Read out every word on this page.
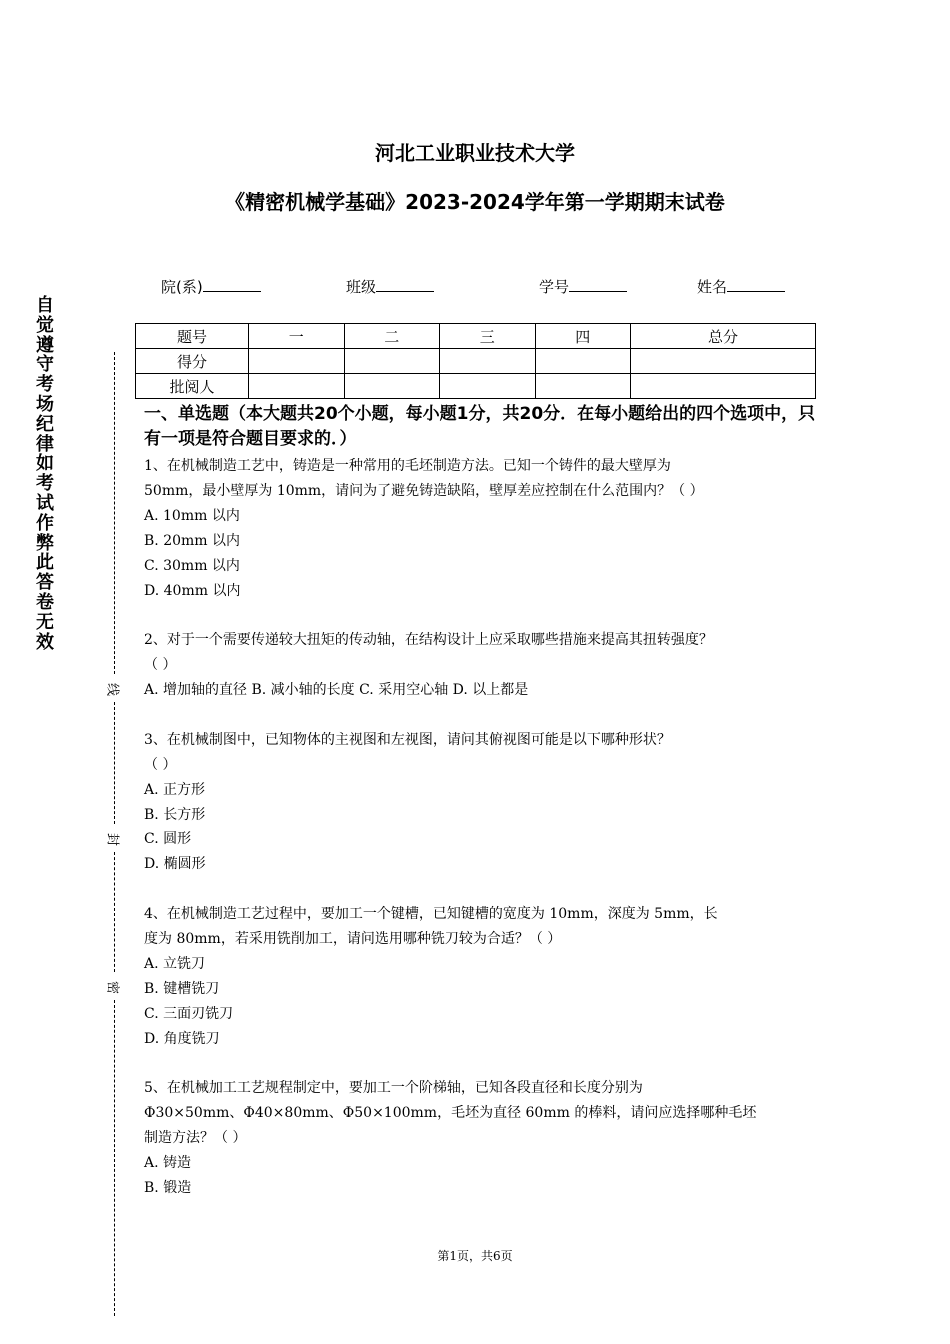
河北工业职业技术大学
《精密机械学基础》2023-2024学年第一学期期末试卷
院(系)	班级	学号	姓名
题号	一	二	三	四	总分
得分					
批阅人					
自
觉
遵
守
考
场
纪
律
如
考
试
作
弊
此
答
卷
无
效
线
封
密
一、单选题（本大题共20个小题，每小题1分，共20分．在每小题给出的四个选项中，只有一项是符合题目要求的．）
1、在机械制造工艺中，铸造是一种常用的毛坯制造方法。已知一个铸件的最大壁厚为
50mm，最小壁厚为 10mm，请问为了避免铸造缺陷，壁厚差应控制在什么范围内？（ ）
A. 10mm 以内
B. 20mm 以内
C. 30mm 以内
D. 40mm 以内
2、对于一个需要传递较大扭矩的传动轴，在结构设计上应采取哪些措施来提高其扭转强度？
（ ）
A. 增加轴的直径 B. 减小轴的长度 C. 采用空心轴 D. 以上都是
3、在机械制图中，已知物体的主视图和左视图，请问其俯视图可能是以下哪种形状？
（ ）
A. 正方形
B. 长方形
C. 圆形
D. 椭圆形
4、在机械制造工艺过程中，要加工一个键槽，已知键槽的宽度为 10mm，深度为 5mm，长
度为 80mm，若采用铣削加工，请问选用哪种铣刀较为合适？（ ）
A. 立铣刀
B. 键槽铣刀
C. 三面刃铣刀
D. 角度铣刀
5、在机械加工工艺规程制定中，要加工一个阶梯轴，已知各段直径和长度分别为
Φ30×50mm、Φ40×80mm、Φ50×100mm，毛坯为直径 60mm 的棒料，请问应选择哪种毛坯
制造方法？（ ）
A. 铸造
B. 锻造
第1页，共6页
